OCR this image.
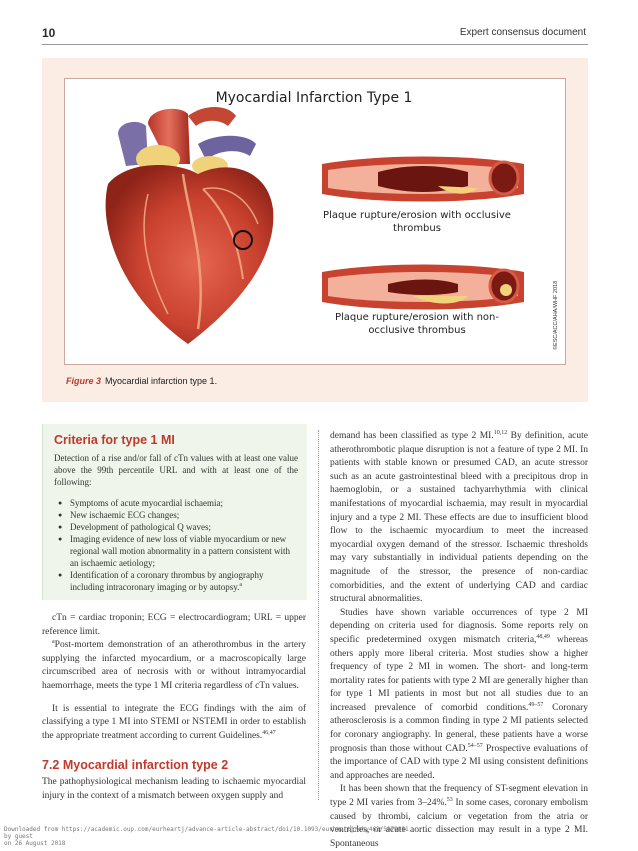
10	Expert consensus document
Myocardial Infarction Type 1
Plaque rupture/erosion with occlusive thrombus
Plaque rupture/erosion with non-occlusive thrombus	©ESC/ACC/AHA/WHF 2018
Figure 3 Myocardial infarction type 1.
Criteria for type 1 MI
Detection of a rise and/or fall of cTn values with at least one value above the 99th percentile URL and with at least one of the following:
● Symptoms of acute myocardial ischaemia;
● New ischaemic ECG changes;
● Development of pathological Q waves;
● Imaging evidence of new loss of viable myocardium or new regional wall motion abnormality in a pattern consistent with an ischaemic aetiology;
● Identification of a coronary thrombus by angiography including intracoronary imaging or by autopsy.$^a$

cTn = cardiac troponin; ECG = electrocardiogram; URL = upper reference limit.

$^a$Post-mortem demonstration of an atherothrombus in the artery supplying the infarcted myocardium, or a macroscopically large circumscribed area of necrosis with or without intramyocardial haemorrhage, meets the type 1 MI criteria regardless of cTn values.

It is essential to integrate the ECG findings with the aim of classifying a type 1 MI into STEMI or NSTEMI in order to establish the appropriate treatment according to current Guidelines.$^{46,47}$

7.2 Myocardial infarction type 2

The pathophysiological mechanism leading to ischaemic myocardial injury in the context of a mismatch between oxygen supply and

demand has been classified as type 2 MI.$^{10,12}$ By definition, acute atherothrombotic plaque disruption is not a feature of type 2 MI. In patients with stable known or presumed CAD, an acute stressor such as an acute gastrointestinal bleed with a precipitous drop in haemoglobin, or a sustained tachyarrhythmia with clinical manifestations of myocardial ischaemia, may result in myocardial injury and a type 2 MI. These effects are due to insufficient blood flow to the ischaemic myocardium to meet the increased myocardial oxygen demand of the stressor. Ischaemic thresholds may vary substantially in individual patients depending on the magnitude of the stressor, the presence of non-cardiac comorbidities, and the extent of underlying CAD and cardiac structural abnormalities.

Studies have shown variable occurrences of type 2 MI depending on criteria used for diagnosis. Some reports rely on specific predetermined oxygen mismatch criteria,$^{48,49}$ whereas others apply more liberal criteria. Most studies show a higher frequency of type 2 MI in women. The short- and long-term mortality rates for patients with type 2 MI are generally higher than for type 1 MI patients in most but not all studies due to an increased prevalence of comorbid conditions.$^{49-57}$ Coronary atherosclerosis is a common finding in type 2 MI patients selected for coronary angiography. In general, these patients have a worse prognosis than those without CAD.$^{54-57}$ Prospective evaluations of the importance of CAD with type 2 MI using consistent definitions and approaches are needed.

It has been shown that the frequency of ST-segment elevation in type 2 MI varies from 3–24%.$^{53}$ In some cases, coronary embolism caused by thrombi, calcium or vegetation from the atria or ventricles, or acute aortic dissection may result in a type 2 MI. Spontaneous

Downloaded from https://academic.oup.com/eurheartj/advance-article-abstract/doi/10.1093/eurheartj/ehy462/5079081
by guest
on 26 August 2018
